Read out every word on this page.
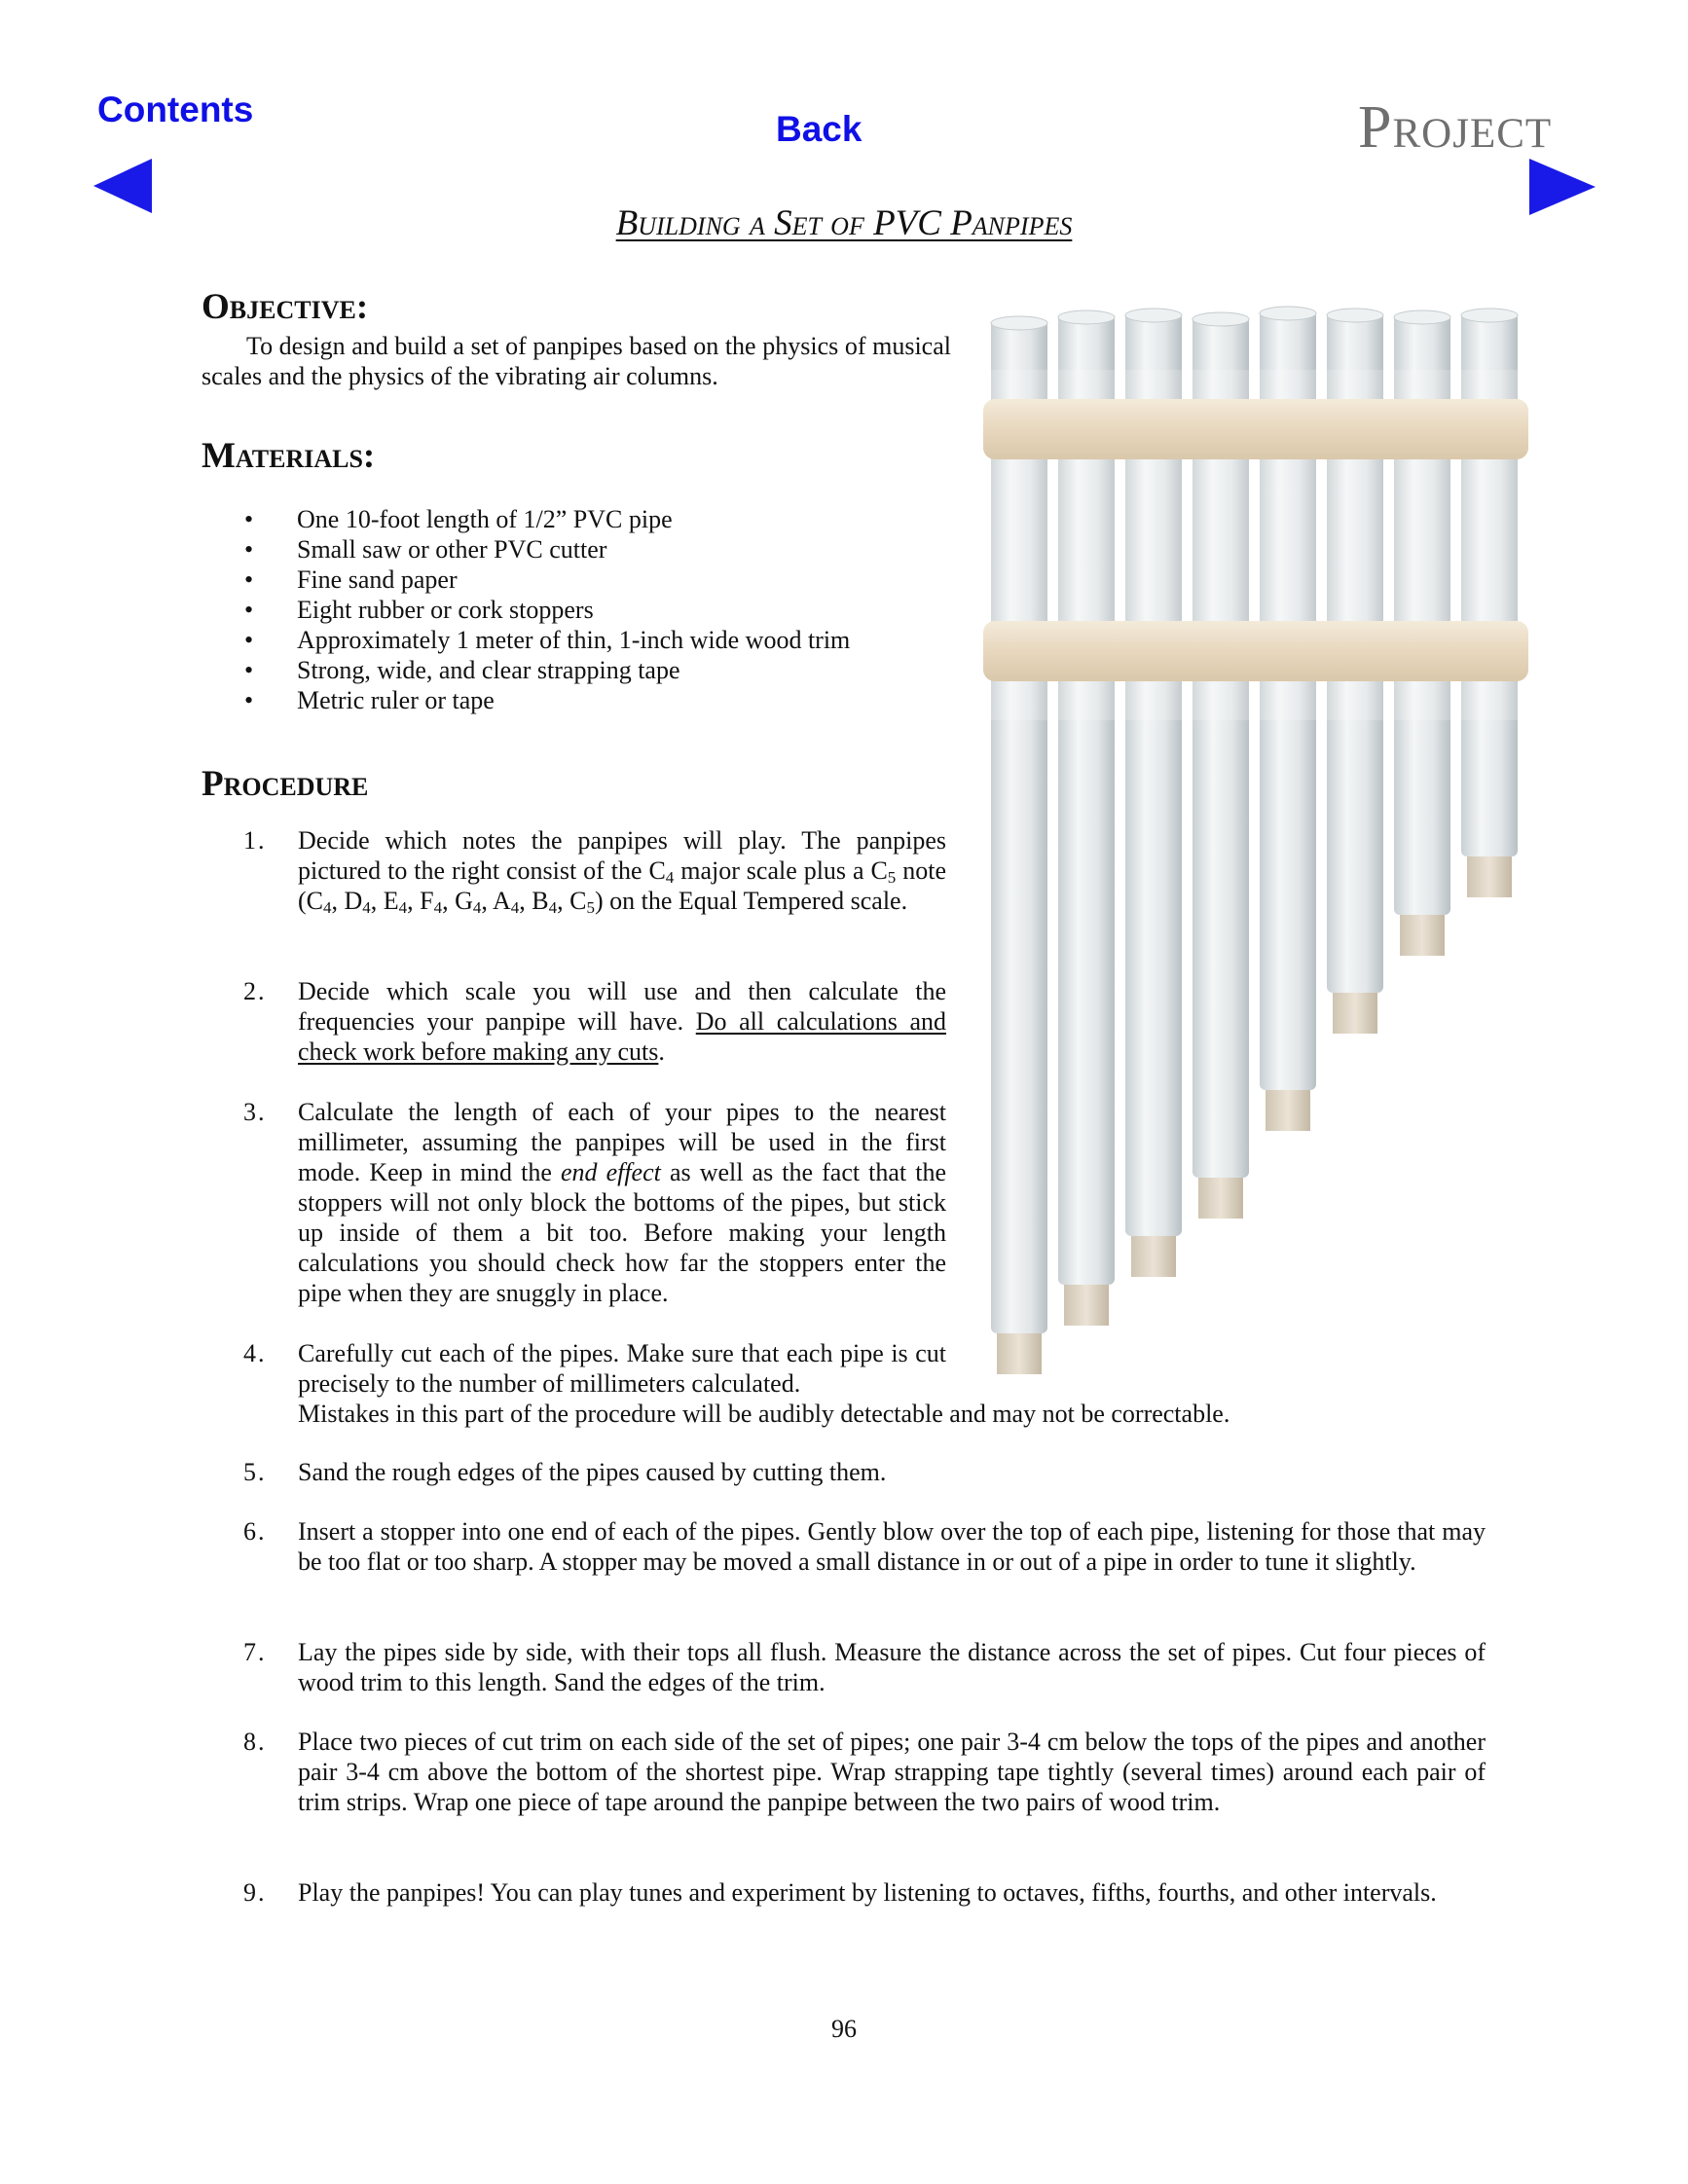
Contents	Back	Project
Building a Set of PVC Panpipes
Objective:
To design and build a set of panpipes based on the physics of musical scales and the physics of the vibrating air columns.
Materials:
• One 10-foot length of 1/2” PVC pipe
• Small saw or other PVC cutter
• Fine sand paper
• Eight rubber or cork stoppers
• Approximately 1 meter of thin, 1-inch wide wood trim
• Strong, wide, and clear strapping tape
• Metric ruler or tape
Procedure
1.	Decide which notes the panpipes will play. The panpipes pictured to the right consist of the $C_4$ major scale plus a $C_5$ note ($C_4$, $D_4$, $E_4$, $F_4$, $G_4$, $A_4$, $B_4$, $C_5$) on the Equal Tempered scale.
2.	Decide which scale you will use and then calculate the frequencies your panpipe will have. Do all calculations and check work before making any cuts.
3.	Calculate the length of each of your pipes to the nearest millimeter, assuming the panpipes will be used in the first mode. Keep in mind the end effect as well as the fact that the stoppers will not only block the bottoms of the pipes, but stick up inside of them a bit too. Before making your length calculations you should check how far the stoppers enter the pipe when they are snuggly in place.
4.	Carefully cut each of the pipes. Make sure that each pipe is cut precisely to the number of millimeters calculated.
Mistakes in this part of the procedure will be audibly detectable and may not be correctable.
5.	Sand the rough edges of the pipes caused by cutting them.
6.	Insert a stopper into one end of each of the pipes. Gently blow over the top of each pipe, listening for those that may be too flat or too sharp. A stopper may be moved a small distance in or out of a pipe in order to tune it slightly.
7.	Lay the pipes side by side, with their tops all flush. Measure the distance across the set of pipes. Cut four pieces of wood trim to this length. Sand the edges of the trim.
8.	Place two pieces of cut trim on each side of the set of pipes; one pair 3-4 cm below the tops of the pipes and another pair 3-4 cm above the bottom of the shortest pipe. Wrap strapping tape tightly (several times) around each pair of trim strips. Wrap one piece of tape around the panpipe between the two pairs of wood trim.
9.	Play the panpipes! You can play tunes and experiment by listening to octaves, fifths, fourths, and other intervals.
96
